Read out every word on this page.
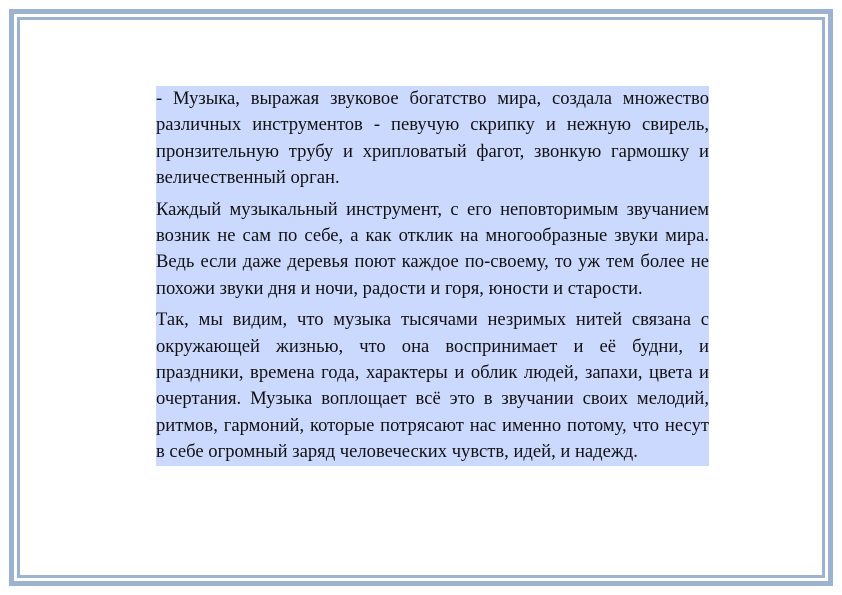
- Музыка, выражая звуковое богатство мира, создала множество различных инструментов - певучую скрипку и нежную свирель, пронзительную трубу и хрипловатый фагот, звонкую гармошку и величественный орган.

Каждый музыкальный инструмент, с его неповторимым звучанием возник не сам по себе, а как отклик на многообразные звуки мира. Ведь если даже деревья поют каждое по-своему, то уж тем более не похожи звуки дня и ночи, радости и горя, юности и старости.

Так, мы видим, что музыка тысячами незримых нитей связана с окружающей жизнью, что она воспринимает и её будни, и праздники, времена года, характеры и облик людей, запахи, цвета и очертания. Музыка воплощает всё это в звучании своих мелодий, ритмов, гармоний, которые потрясают нас именно потому, что несут в себе огромный заряд человеческих чувств, идей, и надежд.
